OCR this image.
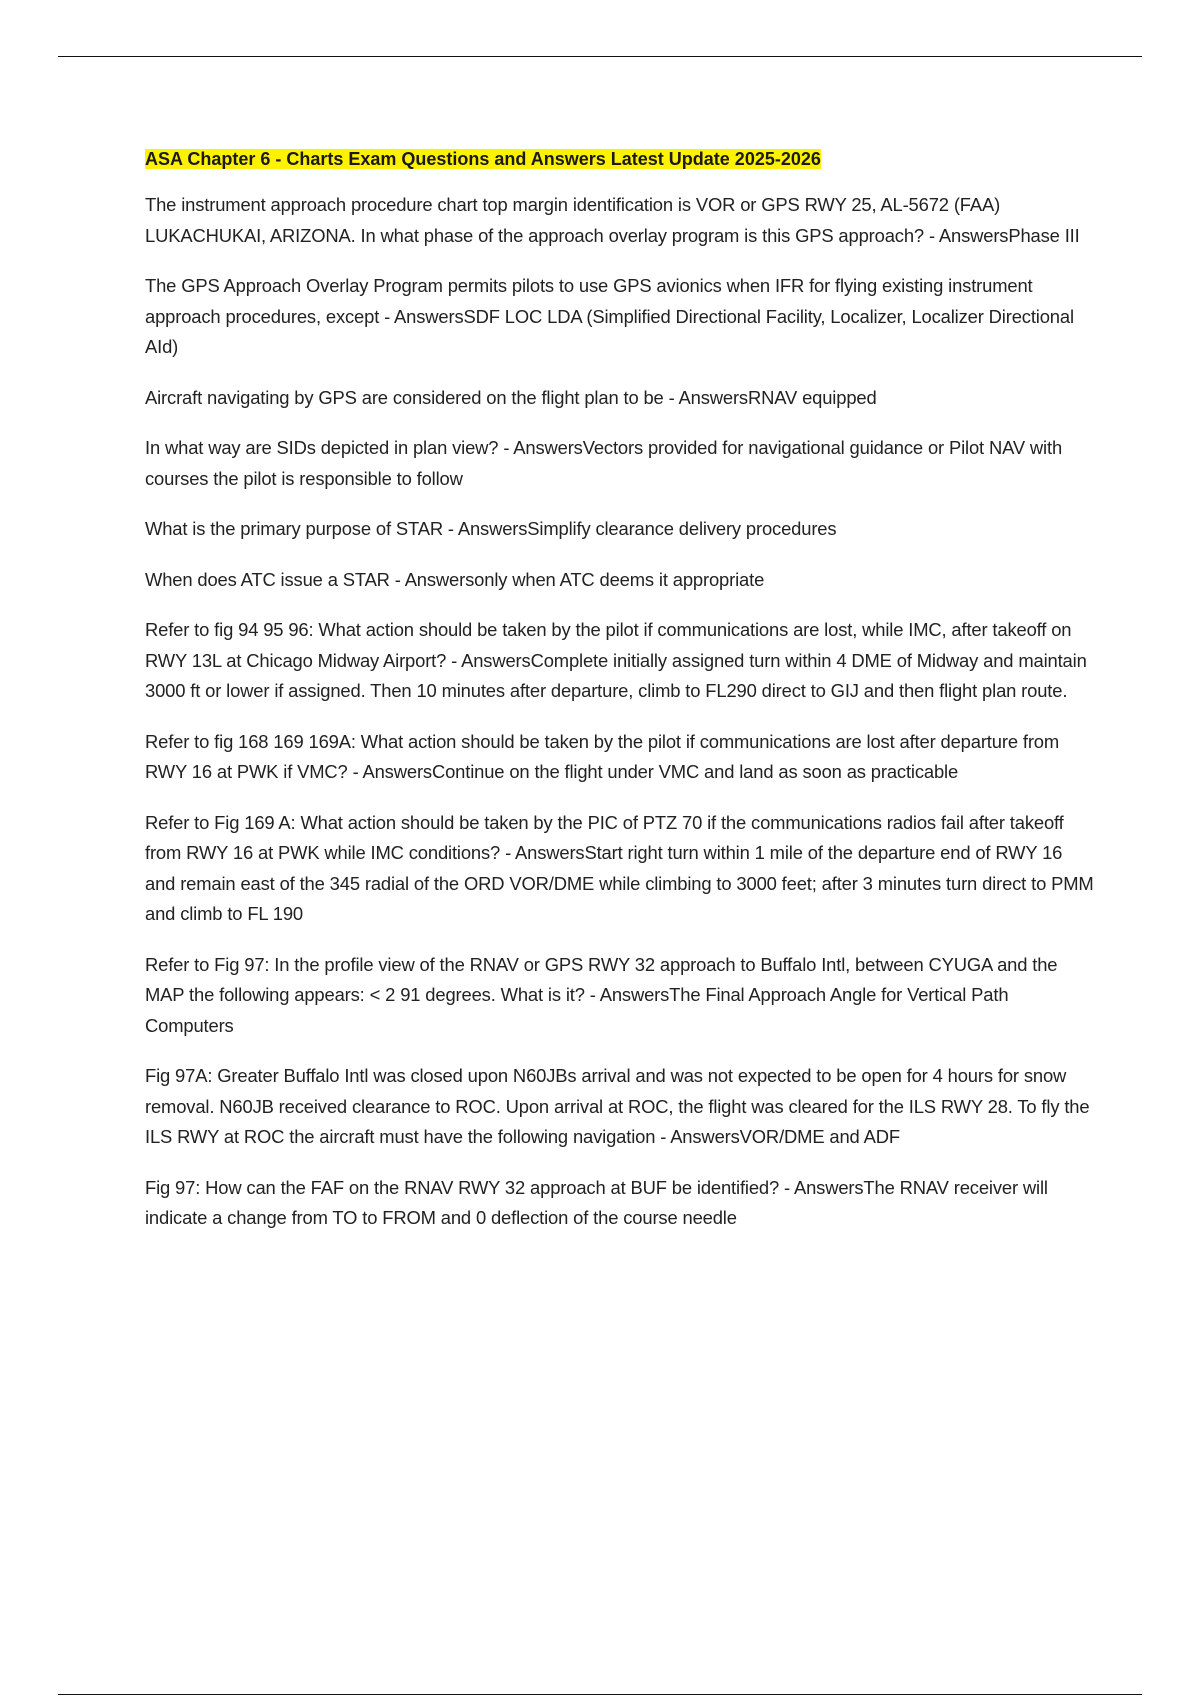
ASA Chapter 6 - Charts Exam Questions and Answers Latest Update 2025-2026

The instrument approach procedure chart top margin identification is VOR or GPS RWY 25, AL-5672 (FAA) LUKACHUKAI, ARIZONA. In what phase of the approach overlay program is this GPS approach? - AnswersPhase III

The GPS Approach Overlay Program permits pilots to use GPS avionics when IFR for flying existing instrument approach procedures, except - AnswersSDF LOC LDA (Simplified Directional Facility, Localizer, Localizer Directional AId)

Aircraft navigating by GPS are considered on the flight plan to be - AnswersRNAV equipped

In what way are SIDs depicted in plan view? - AnswersVectors provided for navigational guidance or Pilot NAV with courses the pilot is responsible to follow

What is the primary purpose of STAR - AnswersSimplify clearance delivery procedures

When does ATC issue a STAR - Answersonly when ATC deems it appropriate

Refer to fig 94 95 96: What action should be taken by the pilot if communications are lost, while IMC, after takeoff on RWY 13L at Chicago Midway Airport? - AnswersComplete initially assigned turn within 4 DME of Midway and maintain 3000 ft or lower if assigned. Then 10 minutes after departure, climb to FL290 direct to GIJ and then flight plan route.

Refer to fig 168 169 169A: What action should be taken by the pilot if communications are lost after departure from RWY 16 at PWK if VMC? - AnswersContinue on the flight under VMC and land as soon as practicable

Refer to Fig 169 A: What action should be taken by the PIC of PTZ 70 if the communications radios fail after takeoff from RWY 16 at PWK while IMC conditions? - AnswersStart right turn within 1 mile of the departure end of RWY 16 and remain east of the 345 radial of the ORD VOR/DME while climbing to 3000 feet; after 3 minutes turn direct to PMM and climb to FL 190

Refer to Fig 97: In the profile view of the RNAV or GPS RWY 32 approach to Buffalo Intl, between CYUGA and the MAP the following appears: < 2 91 degrees. What is it? - AnswersThe Final Approach Angle for Vertical Path Computers

Fig 97A: Greater Buffalo Intl was closed upon N60JBs arrival and was not expected to be open for 4 hours for snow removal. N60JB received clearance to ROC. Upon arrival at ROC, the flight was cleared for the ILS RWY 28. To fly the ILS RWY at ROC the aircraft must have the following navigation - AnswersVOR/DME and ADF

Fig 97: How can the FAF on the RNAV RWY 32 approach at BUF be identified? - AnswersThe RNAV receiver will indicate a change from TO to FROM and 0 deflection of the course needle
